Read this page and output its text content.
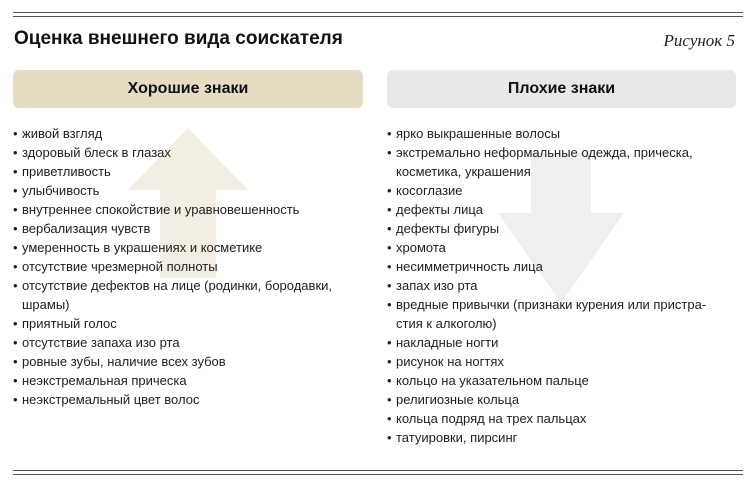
Оценка внешнего вида соискателя	Рисунок 5
Хорошие знаки	Плохие знаки
• живой взгляд
• здоровый блеск в глазах
• приветливость
• улыбчивость
• внутреннее спокойствие и уравновешенность
• вербализация чувств
• умеренность в украшениях и косметике
• отсутствие чрезмерной полноты
• отсутствие дефектов на лице (родинки, бородавки,
шрамы)
• приятный голос
• отсутствие запаха изо рта
• ровные зубы, наличие всех зубов
• неэкстремальная прическа
• неэкстремальный цвет волос
• ярко выкрашенные волосы
• экстремально неформальные одежда, прическа,
косметика, украшения
• косоглазие
• дефекты лица
• дефекты фигуры
• хромота
• несимметричность лица
• запах изо рта
• вредные привычки (признаки курения или пристра-
стия к алкоголю)
• накладные ногти
• рисунок на ногтях
• кольцо на указательном пальце
• религиозные кольца
• кольца подряд на трех пальцах
• татуировки, пирсинг
